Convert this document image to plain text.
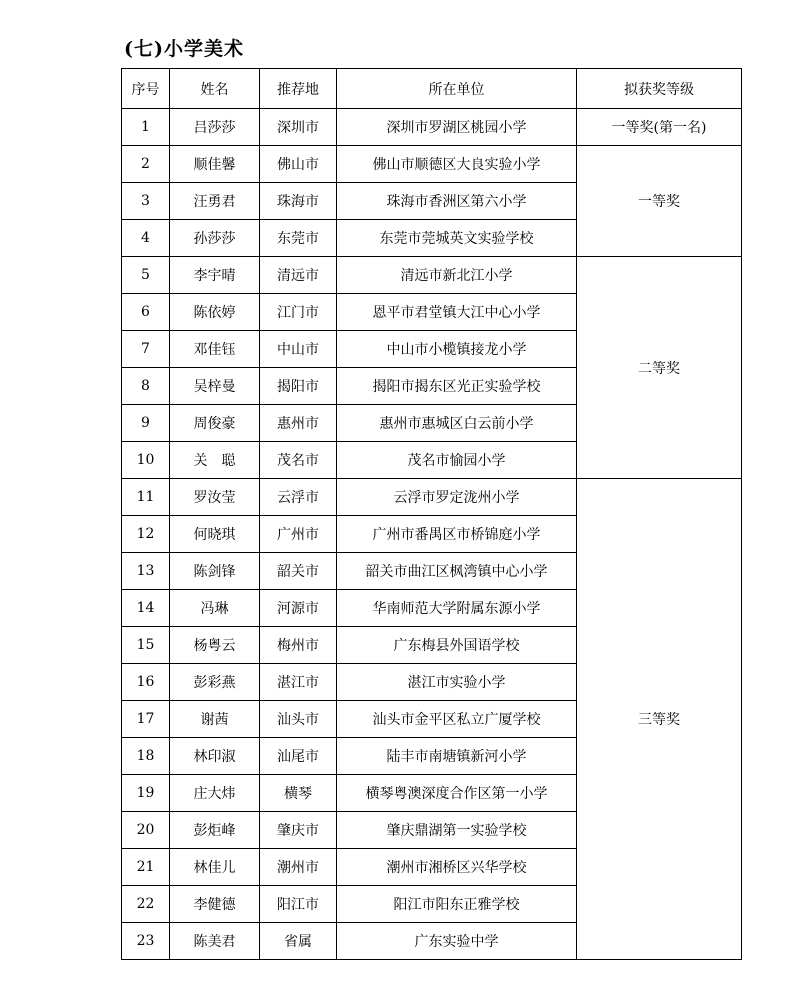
(七)小学美术
序号	姓名	推荐地	所在单位	拟获奖等级
1	吕莎莎	深圳市	深圳市罗湖区桃园小学	一等奖(第一名)
2	顺佳馨	佛山市	佛山市顺德区大良实验小学	一等奖
3	汪勇君	珠海市	珠海市香洲区第六小学	
4	孙莎莎	东莞市	东莞市莞城英文实验学校	
5	李宇晴	清远市	清远市新北江小学	二等奖
6	陈依婷	江门市	恩平市君堂镇大江中心小学	
7	邓佳钰	中山市	中山市小榄镇接龙小学	
8	吴梓曼	揭阳市	揭阳市揭东区光正实验学校	
9	周俊豪	惠州市	惠州市惠城区白云前小学	
10	关　聪	茂名市	茂名市愉园小学	
11	罗汝莹	云浮市	云浮市罗定泷州小学	三等奖
12	何晓琪	广州市	广州市番禺区市桥锦庭小学	
13	陈剑锋	韶关市	韶关市曲江区枫湾镇中心小学	
14	冯琳	河源市	华南师范大学附属东源小学	
15	杨粤云	梅州市	广东梅县外国语学校	
16	彭彩燕	湛江市	湛江市实验小学	
17	谢茜	汕头市	汕头市金平区私立广厦学校	
18	林印淑	汕尾市	陆丰市南塘镇新河小学	
19	庄大炜	横琴	横琴粤澳深度合作区第一小学	
20	彭炬峰	肇庆市	肇庆鼎湖第一实验学校	
21	林佳儿	潮州市	潮州市湘桥区兴华学校	
22	李健德	阳江市	阳江市阳东正雅学校	
23	陈美君	省属	广东实验中学	
